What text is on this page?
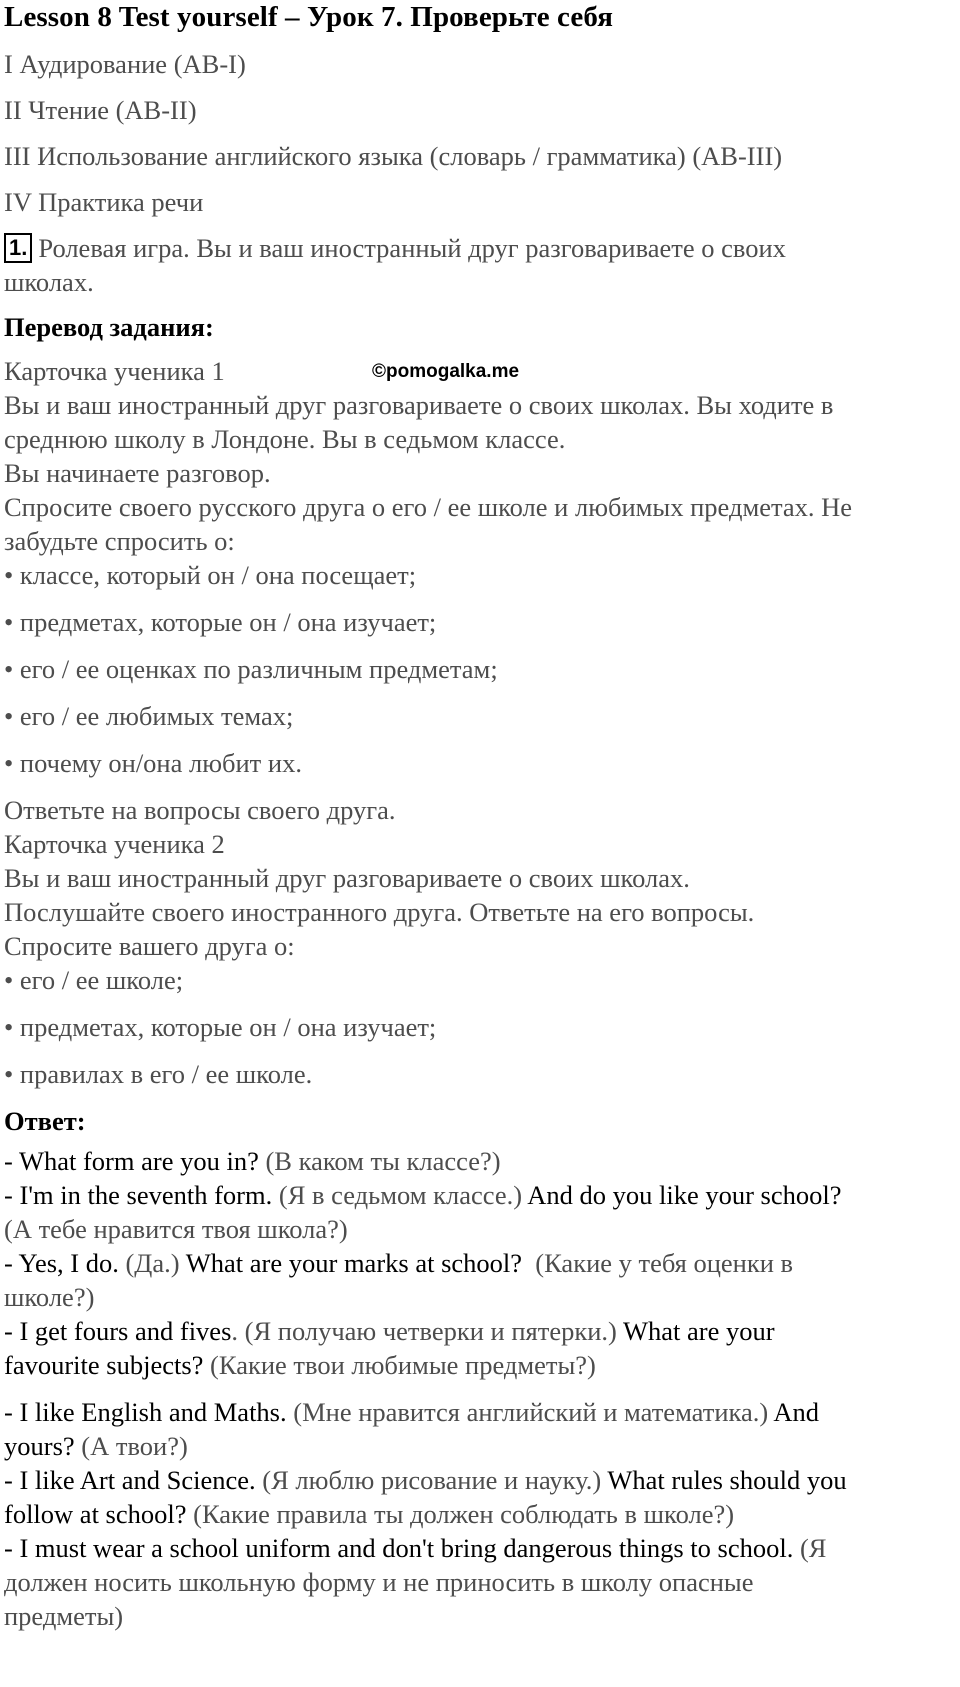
Lesson 8 Test yourself – Урок 7. Проверьте себя
I Аудирование (AB-I)
II Чтение (AB-II)
III Использование английского языка (словарь / грамматика) (AB-III)
IV Практика речи
1. Ролевая игра. Вы и ваш иностранный друг разговариваете о своих
школах.
Перевод задания:
Карточка ученика 1	©pomogalka.me
Вы и ваш иностранный друг разговариваете о своих школах. Вы ходите в
среднюю школу в Лондоне. Вы в седьмом классе.
Вы начинаете разговор.
Спросите своего русского друга о его / ее школе и любимых предметах. Не
забудьте спросить о:
• классе, который он / она посещает;
• предметах, которые он / она изучает;
• его / ее оценках по различным предметам;
• его / ее любимых темах;
• почему он/она любит их.
Ответьте на вопросы своего друга.
Карточка ученика 2
Вы и ваш иностранный друг разговариваете о своих школах.
Послушайте своего иностранного друга. Ответьте на его вопросы.
Спросите вашего друга о:
• его / ее школе;
• предметах, которые он / она изучает;
• правилах в его / ее школе.
Ответ:
- What form are you in? (В каком ты классе?)
- I'm in the seventh form. (Я в седьмом классе.) And do you like your school?
(А тебе нравится твоя школа?)
- Yes, I do. (Да.) What are your marks at school?  (Какие у тебя оценки в
школе?)
- I get fours and fives. (Я получаю четверки и пятерки.) What are your
favourite subjects? (Какие твои любимые предметы?)
- I like English and Maths. (Мне нравится английский и математика.) And
yours? (А твои?)
- I like Art and Science. (Я люблю рисование и науку.) What rules should you
follow at school? (Какие правила ты должен соблюдать в школе?)
- I must wear a school uniform and don't bring dangerous things to school. (Я
должен носить школьную форму и не приносить в школу опасные
предметы)
